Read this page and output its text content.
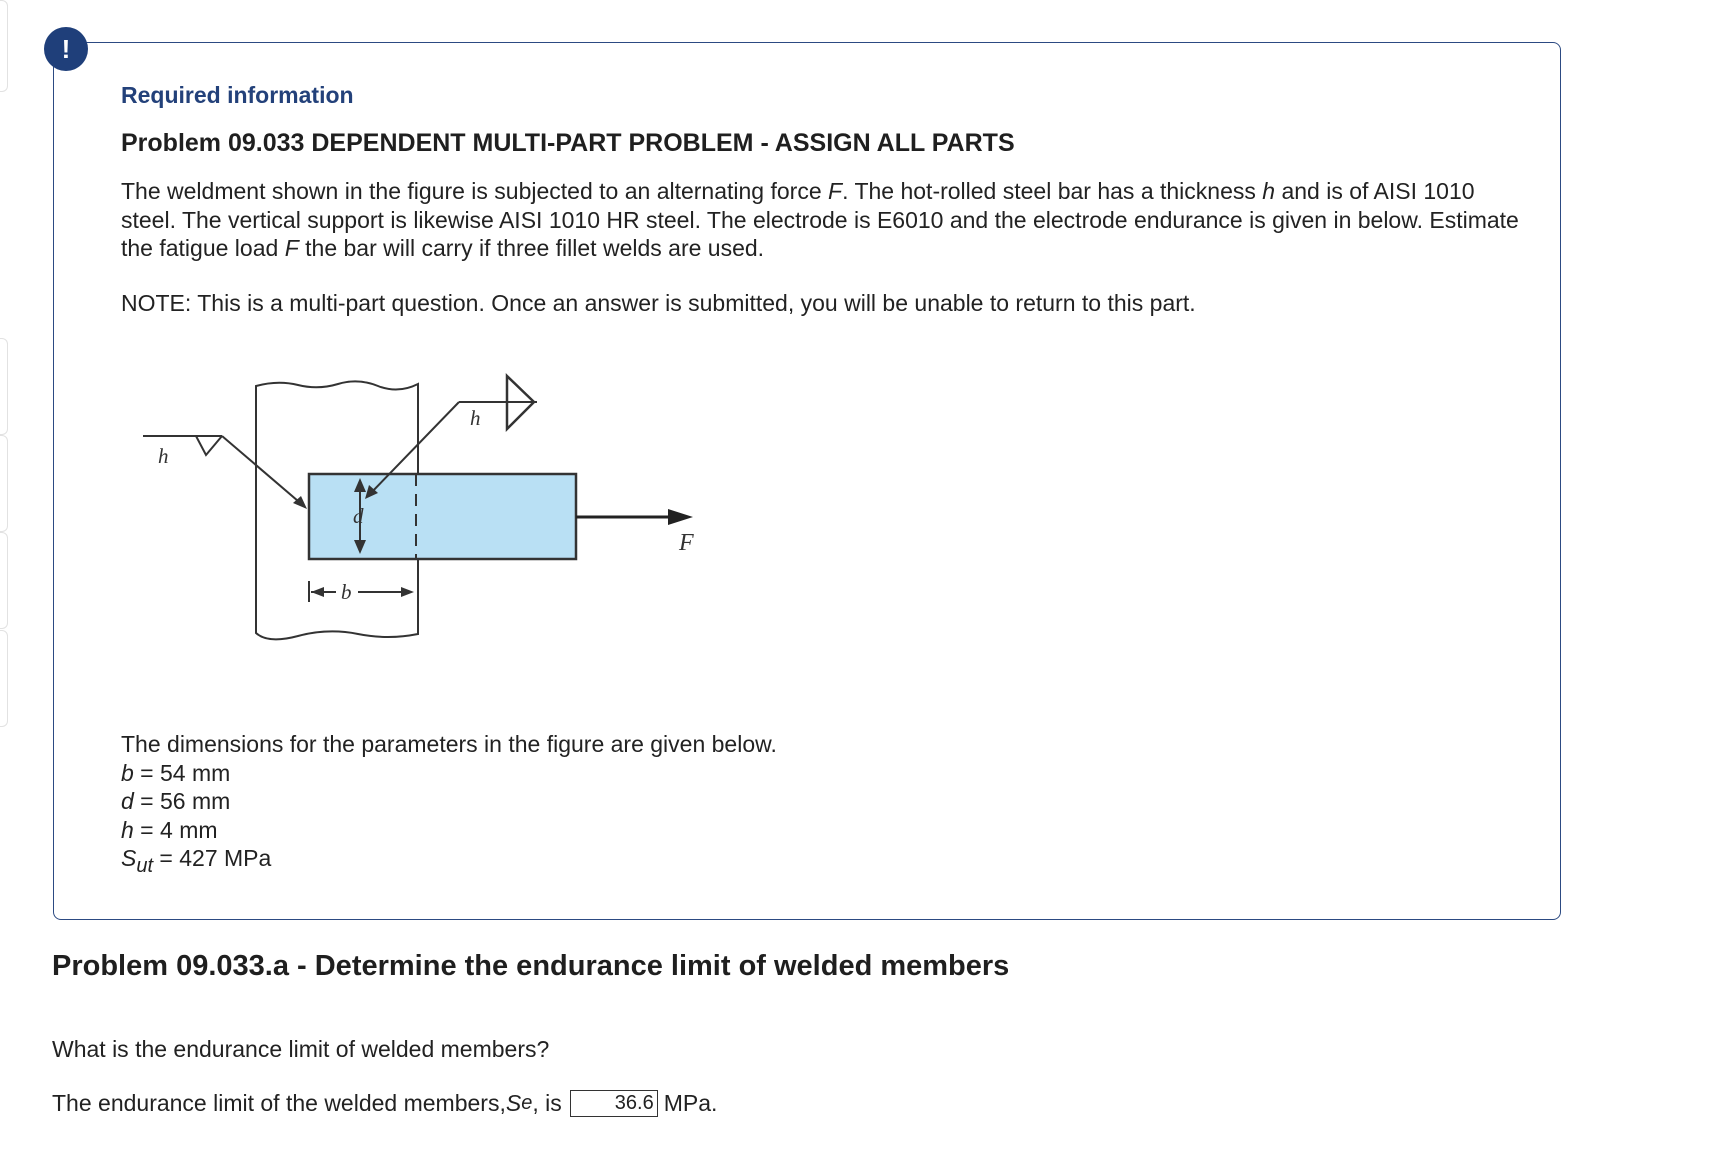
!
Required information
Problem 09.033 DEPENDENT MULTI-PART PROBLEM - ASSIGN ALL PARTS
The weldment shown in the figure is subjected to an alternating force F. The hot-rolled steel bar has a thickness h and is of AISI 1010 steel. The vertical support is likewise AISI 1010 HR steel. The electrode is E6010 and the electrode endurance is given in below. Estimate the fatigue load F the bar will carry if three fillet welds are used.
NOTE: This is a multi-part question. Once an answer is submitted, you will be unable to return to this part.
F
h
h
d
b
The dimensions for the parameters in the figure are given below.
b = 54 mm
d = 56 mm
h = 4 mm
$S_{ut} = 427$ MPa
Problem 09.033.a - Determine the endurance limit of welded members
What is the endurance limit of welded members?
The endurance limit of the welded members, S e , is
36.6	MPa.
